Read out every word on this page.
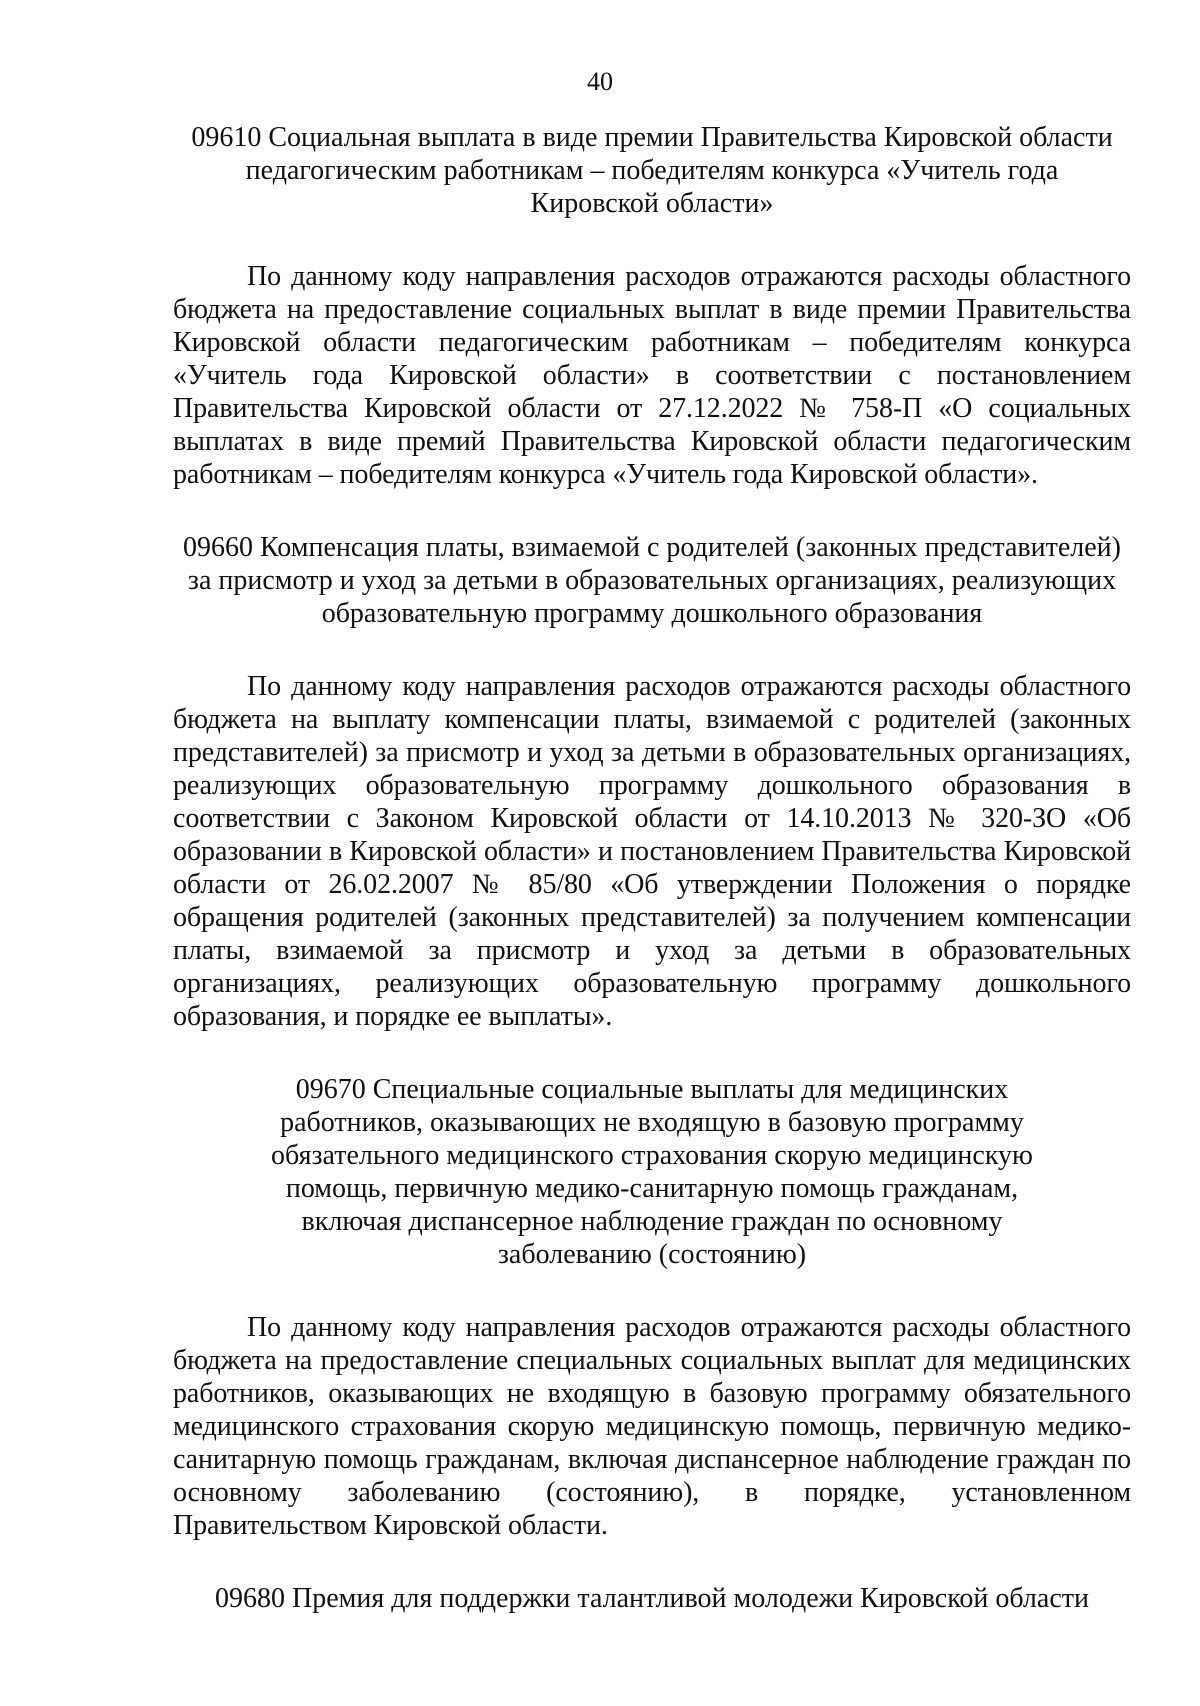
40

09610 Социальная выплата в виде премии Правительства Кировской области педагогическим работникам – победителям конкурса «Учитель года Кировской области»

По данному коду направления расходов отражаются расходы областного бюджета на предоставление социальных выплат в виде премии Правительства Кировской области педагогическим работникам – победителям конкурса «Учитель года Кировской области» в соответствии с постановлением Правительства Кировской области от 27.12.2022 № 758-П «О социальных выплатах в виде премий Правительства Кировской области педагогическим работникам – победителям конкурса «Учитель года Кировской области».

09660 Компенсация платы, взимаемой с родителей (законных представителей) за присмотр и уход за детьми в образовательных организациях, реализующих образовательную программу дошкольного образования

По данному коду направления расходов отражаются расходы областного бюджета на выплату компенсации платы, взимаемой с родителей (законных представителей) за присмотр и уход за детьми в образовательных организациях, реализующих образовательную программу дошкольного образования в соответствии с Законом Кировской области от 14.10.2013 № 320-ЗО «Об образовании в Кировской области» и постановлением Правительства Кировской области от 26.02.2007 № 85/80 «Об утверждении Положения о порядке обращения родителей (законных представителей) за получением компенсации платы, взимаемой за присмотр и уход за детьми в образовательных организациях, реализующих образовательную программу дошкольного образования, и порядке ее выплаты».

09670 Специальные социальные выплаты для медицинских работников, оказывающих не входящую в базовую программу обязательного медицинского страхования скорую медицинскую помощь, первичную медико-санитарную помощь гражданам, включая диспансерное наблюдение граждан по основному заболеванию (состоянию)

По данному коду направления расходов отражаются расходы областного бюджета на предоставление специальных социальных выплат для медицинских работников, оказывающих не входящую в базовую программу обязательного медицинского страхования скорую медицинскую помощь, первичную медико-санитарную помощь гражданам, включая диспансерное наблюдение граждан по основному заболеванию (состоянию), в порядке, установленном Правительством Кировской области.

09680 Премия для поддержки талантливой молодежи Кировской области
